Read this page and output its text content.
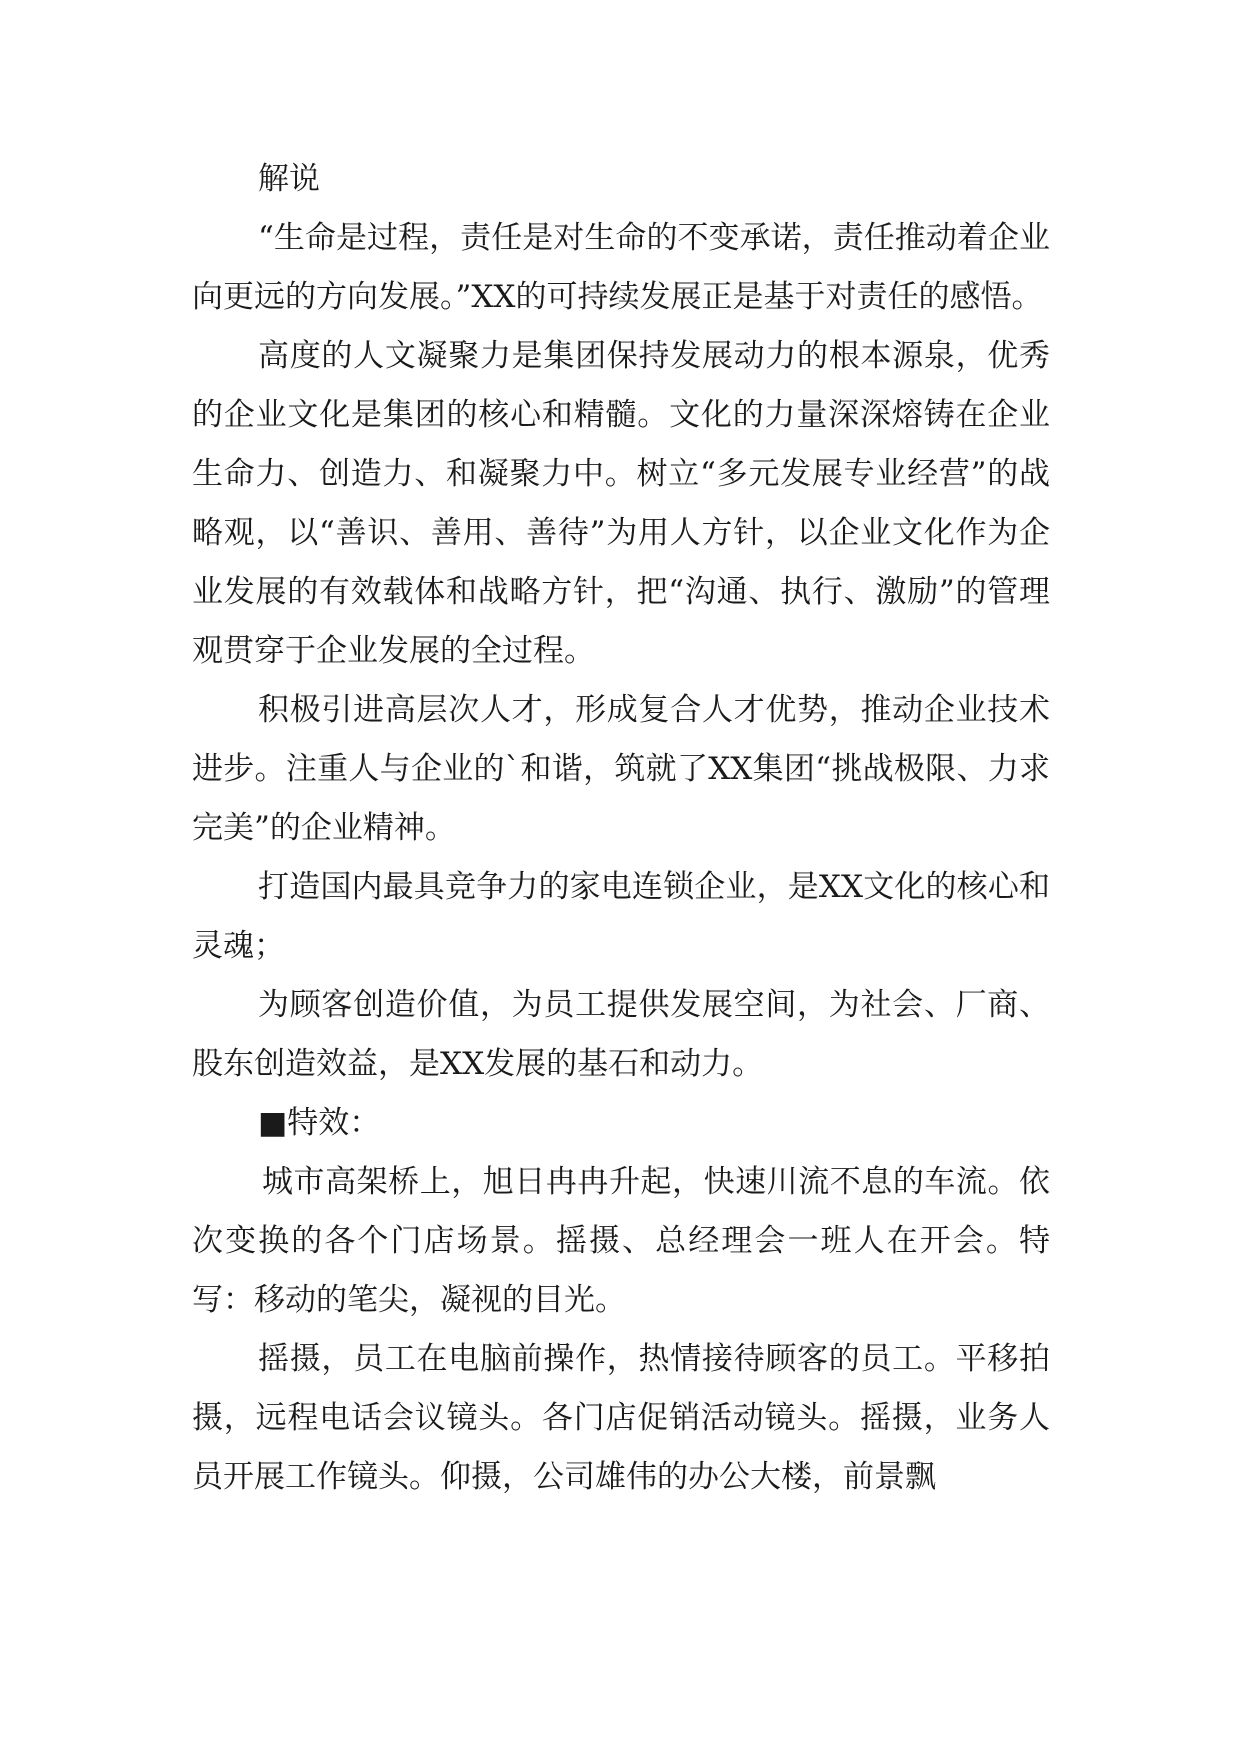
解说

“生命是过程，责任是对生命的不变承诺，责任推动着企业向更远的方向发展。”XX的可持续发展正是基于对责任的感悟。

高度的人文凝聚力是集团保持发展动力的根本源泉，优秀的企业文化是集团的核心和精髓。文化的力量深深熔铸在企业生命力、创造力、和凝聚力中。树立“多元发展专业经营”的战略观，以“善识、善用、善待”为用人方针，以企业文化作为企业发展的有效载体和战略方针，把“沟通、执行、激励”的管理观贯穿于企业发展的全过程。

积极引进高层次人才，形成复合人才优势，推动企业技术进步。注重人与企业的`和谐，筑就了XX集团“挑战极限、力求完美”的企业精神。

打造国内最具竞争力的家电连锁企业，是XX文化的核心和灵魂；

为顾客创造价值，为员工提供发展空间，为社会、厂商、股东创造效益，是XX发展的基石和动力。

■特效：

城市高架桥上，旭日冉冉升起，快速川流不息的车流。依次变换的各个门店场景。摇摄、总经理会一班人在开会。特写：移动的笔尖，凝视的目光。

摇摄，员工在电脑前操作，热情接待顾客的员工。平移拍摄，远程电话会议镜头。各门店促销活动镜头。摇摄，业务人员开展工作镜头。仰摄，公司雄伟的办公大楼，前景飘
